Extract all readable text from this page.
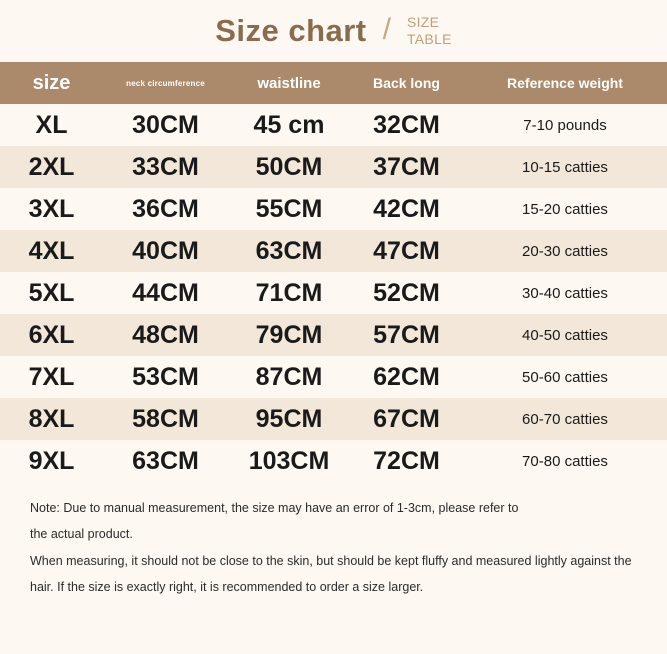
Size chart / SIZE
TABLE
size	neck circumference	waistline	Back long	Reference weight
XL	30CM	45 cm	32CM	7-10 pounds
2XL	33CM	50CM	37CM	10-15 catties
3XL	36CM	55CM	42CM	15-20 catties
4XL	40CM	63CM	47CM	20-30 catties
5XL	44CM	71CM	52CM	30-40 catties
6XL	48CM	79CM	57CM	40-50 catties
7XL	53CM	87CM	62CM	50-60 catties
8XL	58CM	95CM	67CM	60-70 catties
9XL	63CM	103CM	72CM	70-80 catties

Note: Due to manual measurement, the size may have an error of 1-3cm, please refer to

the actual product.

When measuring, it should not be close to the skin, but should be kept fluffy and measured lightly against the

hair. If the size is exactly right, it is recommended to order a size larger.
